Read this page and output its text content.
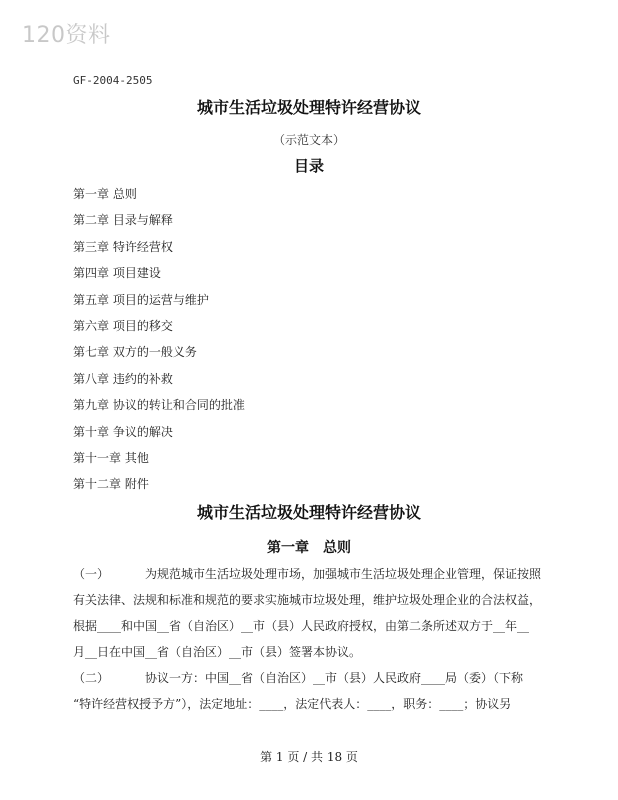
120资料
GF-2004-2505
城市生活垃圾处理特许经营协议
（示范文本）
目录
第一章 总则
第二章 目录与解释
第三章 特许经营权
第四章 项目建设
第五章 项目的运营与维护
第六章 项目的移交
第七章 双方的一般义务
第八章 违约的补救
第九章 协议的转让和合同的批准
第十章 争议的解决
第十一章 其他
第十二章 附件
城市生活垃圾处理特许经营协议
第一章　总则
（一）	为规范城市生活垃圾处理市场，加强城市生活垃圾处理企业管理，保证按照
有关法律、法规和标准和规范的要求实施城市垃圾处理，维护垃圾处理企业的合法权益，
根据____和中国__省（自治区）__市（县）人民政府授权，由第二条所述双方于__年__
月__日在中国__省（自治区）__市（县）签署本协议。
（二）	协议一方：中国__省（自治区）__市（县）人民政府____局（委）（下称
“特许经营权授予方”），法定地址：____，法定代表人：____，职务：____；协议另
第 1 页 / 共 18 页
